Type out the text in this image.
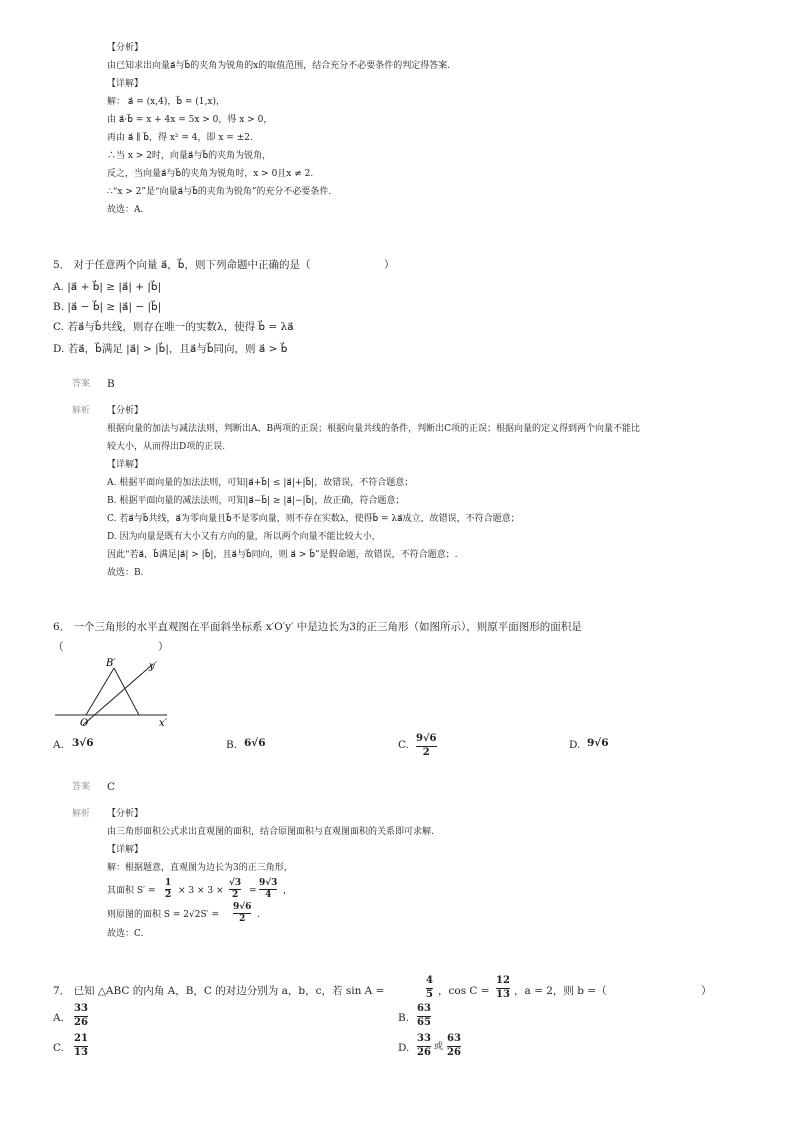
【分析】
由已知求出向量a⃗与b⃗的夹角为锐角的x的取值范围，结合充分不必要条件的判定得答案.
【详解】
解： a⃗ = (x,4)，b⃗ = (1,x)，
由 a⃗·b⃗ = x + 4x = 5x > 0，得 x > 0，
再由 a⃗ ∥ b⃗，得 x² = 4，即 x = ±2.
∴当 x > 2时，向量a⃗与b⃗的夹角为锐角，
反之，当向量a⃗与b⃗的夹角为锐角时，x > 0且x ≠ 2.
∴“x > 2”是“向量a⃗与b⃗的夹角为锐角”的充分不必要条件.
故选：A.
5． 对于任意两个向量 a⃗，b⃗，则下列命题中正确的是（　　　　　　　）
A. |a⃗ + b⃗| ≥ |a⃗| + |b⃗|
B. |a⃗ − b⃗| ≥ |a⃗| − |b⃗|
C. 若a⃗与b⃗共线，则存在唯一的实数λ，使得 b⃗ = λa⃗
D. 若a⃗，b⃗满足 |a⃗| > |b⃗|，且a⃗与b⃗同向，则 a⃗ > b⃗
答案 B
解析 【分析】
根据向量的加法与减法法则，判断出A、B两项的正误；根据向量共线的条件，判断出C项的正误；根据向量的定义得到两个向量不能比
较大小，从而得出D项的正误.
【详解】
A. 根据平面向量的加法法则，可知|a⃗+b⃗| ≤ |a⃗|+|b⃗|，故错误，不符合题意；
B. 根据平面向量的减法法则，可知|a⃗−b⃗| ≥ |a⃗|−|b⃗|，故正确，符合题意；
C. 若a⃗与b⃗共线，a⃗为零向量且b⃗不是零向量，则不存在实数λ，使得b⃗ = λa⃗成立，故错误，不符合题意；
D. 因为向量是既有大小又有方向的量，所以两个向量不能比较大小，
因此“若a⃗，b⃗满足|a⃗| > |b⃗|，且a⃗与b⃗同向，则 a⃗ > b⃗”是假命题，故错误，不符合题意；.
故选：B.
6． 一个三角形的水平直观图在平面斜坐标系 x′O′y′ 中是边长为3的正三角形（如图所示），则原平面图形的面积是
（　　　　　　　　　）
B′	y′
O′	x′
A. 3√6	B. 6√6	C.
9√6
2
D. 9√6
答案 C
解析 【分析】
由三角形面积公式求出直观图的面积，结合原图面积与直观图面积的关系即可求解.
【详解】
解：根据题意，直观图为边长为3的正三角形，
其面积 S′ =
1
2 × 3 × 3 ×
√3
2 =
9√3
4 ，
则原图的面积 S = 2√2S′ =
9√6
2 .
故选：C.
7． 已知 △ABC 的内角 A，B，C 的对边分别为 a，b，c，若 sin A =
4
5 ，cos C =
12
13 ，a = 2，则 b =（　　　　　　　　　）
A.
33
26	B.
63
65
C.
21
13	D.
33
26 或
63
26
